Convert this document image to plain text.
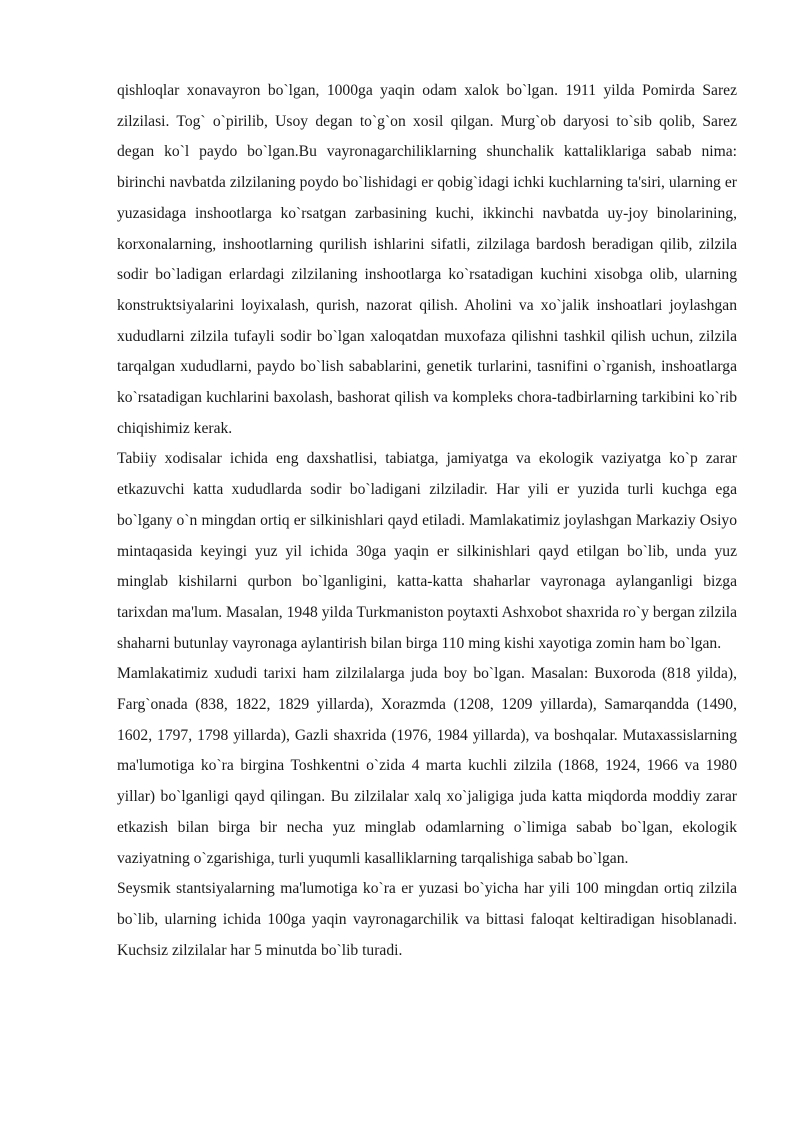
qishloqlar xonavayron bo`lgan, 1000ga yaqin odam xalok bo`lgan. 1911 yilda Pomirda Sarez zilzilasi. Tog` o`pirilib, Usoy degan to`g`on xosil qilgan. Murg`ob daryosi to`sib qolib, Sarez degan ko`l paydo bo`lgan.Bu vayronagarchiliklarning shunchalik kattaliklariga sabab nima: birinchi navbatda zilzilaning poydo bo`lishidagi er qobig`idagi ichki kuchlarning ta'siri, ularning er yuzasidaga inshootlarga ko`rsatgan zarbasining kuchi, ikkinchi navbatda uy-joy binolarining, korxonalarning, inshootlarning qurilish ishlarini sifatli, zilzilaga bardosh beradigan qilib, zilzila sodir bo`ladigan erlardagi zilzilaning inshootlarga ko`rsatadigan kuchini xisobga olib, ularning konstruktsiyalarini loyixalash, qurish, nazorat qilish. Aholini va xo`jalik inshoatlari joylashgan xududlarni zilzila tufayli sodir bo`lgan xaloqatdan muxofaza qilishni tashkil qilish uchun, zilzila tarqalgan xududlarni, paydo bo`lish sabablarini, genetik turlarini, tasnifini o`rganish, inshoatlarga ko`rsatadigan kuchlarini baxolash, bashorat qilish va kompleks chora-tadbirlarning tarkibini ko`rib chiqishimiz kerak.

Tabiiy xodisalar ichida eng daxshatlisi, tabiatga, jamiyatga va ekologik vaziyatga ko`p zarar etkazuvchi katta xududlarda sodir bo`ladigani zilziladir. Har yili er yuzida turli kuchga ega bo`lgany o`n mingdan ortiq er silkinishlari qayd etiladi. Mamlakatimiz joylashgan Markaziy Osiyo mintaqasida keyingi yuz yil ichida 30ga yaqin er silkinishlari qayd etilgan bo`lib, unda yuz minglab kishilarni qurbon bo`lganligini, katta-katta shaharlar vayronaga aylanganligi bizga tarixdan ma'lum. Masalan, 1948 yilda Turkmaniston poytaxti Ashxobot shaxrida ro`y bergan zilzila shaharni butunlay vayronaga aylantirish bilan birga 110 ming kishi xayotiga zomin ham bo`lgan.

Mamlakatimiz xududi tarixi ham zilzilalarga juda boy bo`lgan. Masalan: Buxoroda (818 yilda), Farg`onada (838, 1822, 1829 yillarda), Xorazmda (1208, 1209 yillarda), Samarqandda (1490, 1602, 1797, 1798 yillarda), Gazli shaxrida (1976, 1984 yillarda), va boshqalar. Mutaxassislarning ma'lumotiga ko`ra birgina Toshkentni o`zida 4 marta kuchli zilzila (1868, 1924, 1966 va 1980 yillar) bo`lganligi qayd qilingan. Bu zilzilalar xalq xo`jaligiga juda katta miqdorda moddiy zarar etkazish bilan birga bir necha yuz minglab odamlarning o`limiga sabab bo`lgan, ekologik vaziyatning o`zgarishiga, turli yuqumli kasalliklarning tarqalishiga sabab bo`lgan.

Seysmik stantsiyalarning ma'lumotiga ko`ra er yuzasi bo`yicha har yili 100 mingdan ortiq zilzila bo`lib, ularning ichida 100ga yaqin vayronagarchilik va bittasi faloqat keltiradigan hisoblanadi. Kuchsiz zilzilalar har 5 minutda bo`lib turadi.
